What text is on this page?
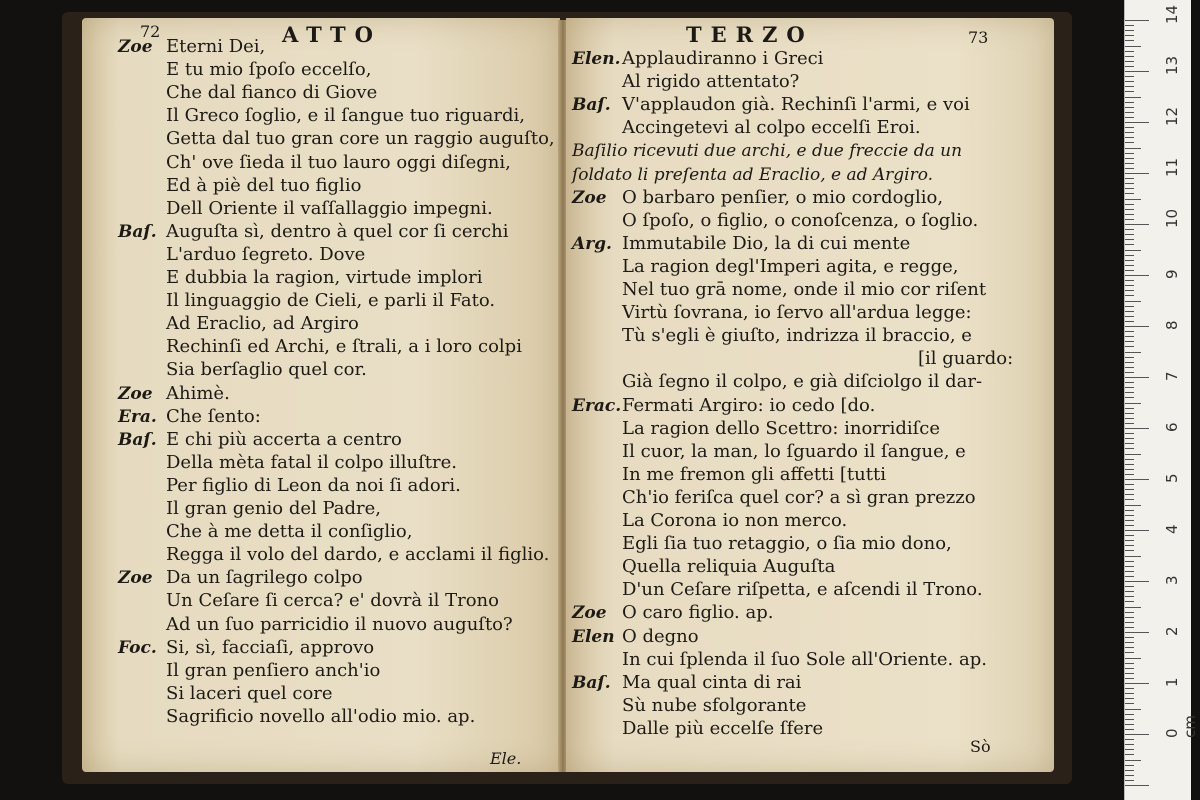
72	ATTO
Ele.
Zoe Eterni Dei,
E tu mio ſpoſo eccelſo,
Che dal fianco di Giove
Il Greco ſoglio, e il ſangue tuo riguardi,
Getta dal tuo gran core un raggio auguſto,
Ch' ove ſieda il tuo lauro oggi diſegni,
Ed à piè del tuo figlio
Dell Oriente il vaſſallaggio impegni.
Baſ. Auguſta sì, dentro à quel cor ſi cerchi
L'arduo ſegreto. Dove
E dubbia la ragion, virtude implori
Il linguaggio de Cieli, e parli il Fato.
Ad Eraclio, ad Argiro
Rechinſi ed Archi, e ſtrali, a i loro colpi
Sia berſaglio quel cor.
Zoe Ahimè.
Era. Che ſento:
Baſ. E chi più accerta a centro
Della mèta fatal il colpo illuſtre.
Per figlio di Leon da noi ſi adori.
Il gran genio del Padre,
Che à me detta il conſiglio,
Regga il volo del dardo, e acclami il figlio.
Zoe Da un ſagrilego colpo
Un Ceſare ſi cerca? e' dovrà il Trono
Ad un ſuo parricidio il nuovo auguſto?
Foc. Si, sì, facciaſi, approvo
Il gran penſiero anch'io
Si laceri quel core
Sagrificio novello all'odio mio. ap.
TERZO	73
Sò
Elen. Applaudiranno i Greci
Al rigido attentato?
Baſ. V'applaudon già. Rechinſi l'armi, e voi
Accingetevi al colpo eccelſi Eroi.
Baſilio ricevuti due archi, e due freccie da un
ſoldato li preſenta ad Eraclio, e ad Argiro.
Zoe O barbaro penſier, o mio cordoglio,
O ſpoſo, o figlio, o conoſcenza, o ſoglio.
Arg. Immutabile Dio, la di cui mente
La ragion degl'Imperi agita, e regge,
Nel tuo grā nome, onde il mio cor riſent
Virtù ſovrana, io ſervo all'ardua legge:
Tù s'egli è giuſto, indrizza il braccio, e
[il guardo:
Già ſegno il colpo, e già diſciolgo il dar-
Erac. Fermati Argiro: io cedo [do.
La ragion dello Scettro: inorridiſce
Il cuor, la man, lo ſguardo il ſangue, e
In me fremon gli affetti [tutti
Ch'io feriſca quel cor? a sì gran prezzo
La Corona io non merco.
Egli ſia tuo retaggio, o ſia mio dono,
Quella reliquia Auguſta
D'un Ceſare riſpetta, e aſcendi il Trono.
Zoe O caro figlio. ap.
Elen O degno
In cui ſplenda il ſuo Sole all'Oriente. ap.
Baſ. Ma qual cinta di rai
Sù nube sfolgorante
Dalle più eccelſe ſfere
14
13
12
11
10
9
8
7
6
5
4
3
2
1
0 cm
